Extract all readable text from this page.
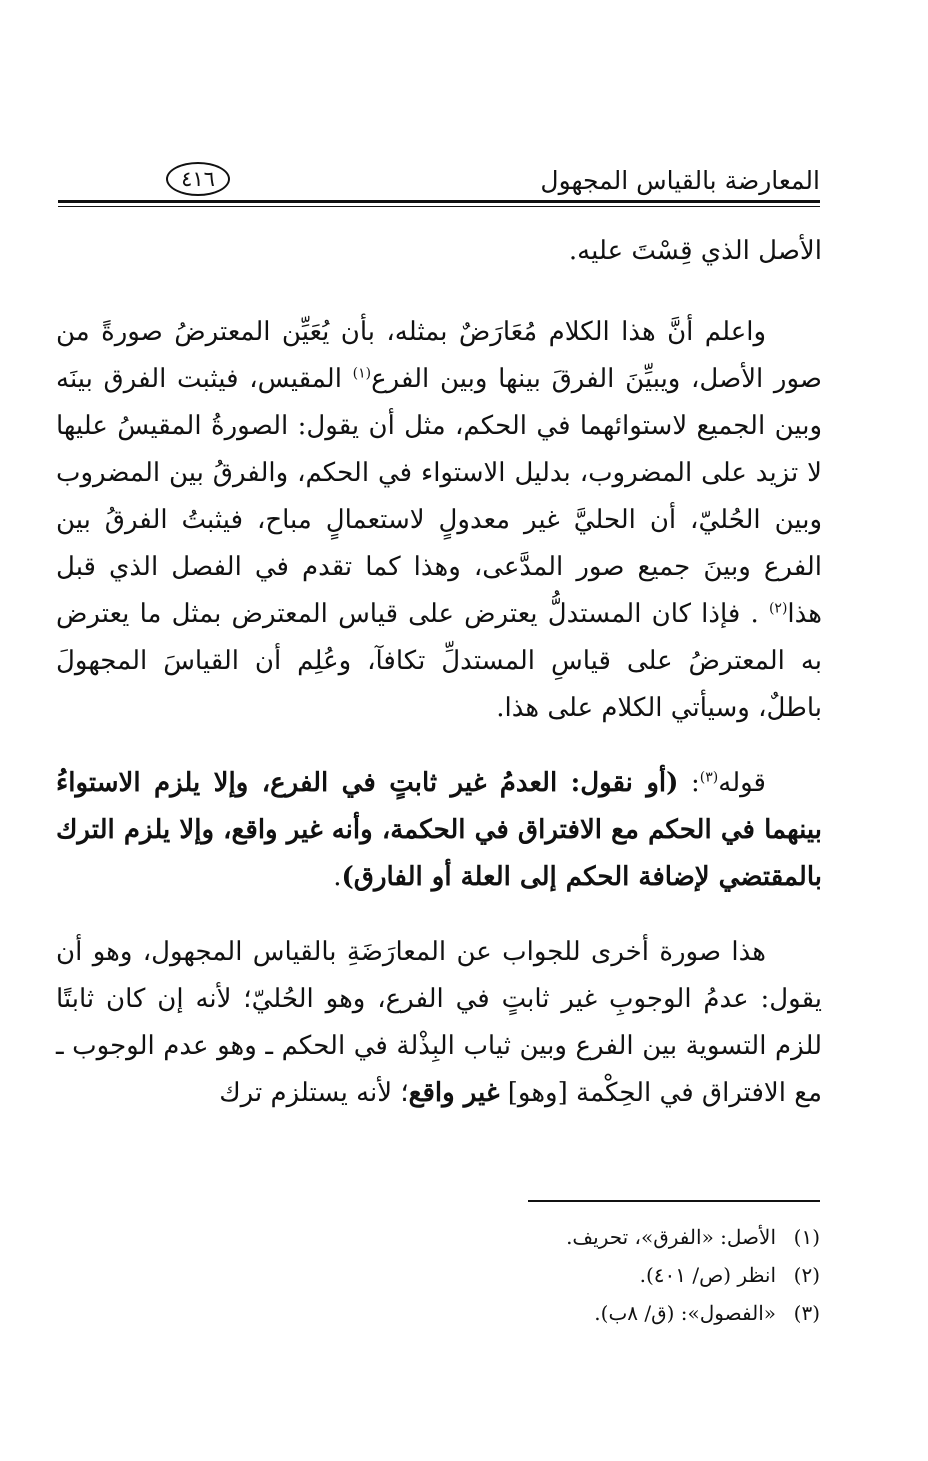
المعارضة بالقياس المجهول
٤١٦

الأصل الذي قِسْتَ عليه.

واعلم أنَّ هذا الكلام مُعَارَضٌ بمثله، بأن يُعَيِّن المعترضُ صورةً من صور الأصل، ويبيِّنَ الفرقَ بينها وبين الفرع$^{(١)}$ المقيس، فيثبت الفرق بينَه وبين الجميع لاستوائهما في الحكم، مثل أن يقول: الصورةُ المقيسُ عليها لا تزيد على المضروب، بدليل الاستواء في الحكم، والفرقُ بين المضروب وبين الحُليّ، أن الحليَّ غير معدولٍ لاستعمالٍ مباح، فيثبتُ الفرقُ بين الفرع وبينَ جميع صور المدَّعى، وهذا كما تقدم في الفصل الذي قبل هذا$^{(٢)}$ . فإذا كان المستدلُّ يعترض على قياس المعترض بمثل ما يعترض به المعترضُ على قياسِ المستدلِّ تكافآ، وعُلِم أن القياسَ المجهولَ باطلٌ، وسيأتي الكلام على هذا.

قوله$^{(٣)}$: (أو نقول: العدمُ غير ثابتٍ في الفرع، وإلا يلزم الاستواءُ بينهما في الحكم مع الافتراق في الحكمة، وأنه غير واقع، وإلا يلزم الترك بالمقتضي لإضافة الحكم إلى العلة أو الفارق).

هذا صورة أخرى للجواب عن المعارَضَةِ بالقياس المجهول، وهو أن يقول: عدمُ الوجوبِ غير ثابتٍ في الفرع، وهو الحُليّ؛ لأنه إن كان ثابتًا للزم التسوية بين الفرع وبين ثياب البِذْلة في الحكم ـ وهو عدم الوجوب ـ مع الافتراق في الحِكْمة [وهو] غير واقع؛ لأنه يستلزم ترك

(١)الأصل: «الفرق»، تحريف.
(٢)انظر (ص/ ٤٠١).
(٣)«الفصول»: (ق/ ٨ب).
